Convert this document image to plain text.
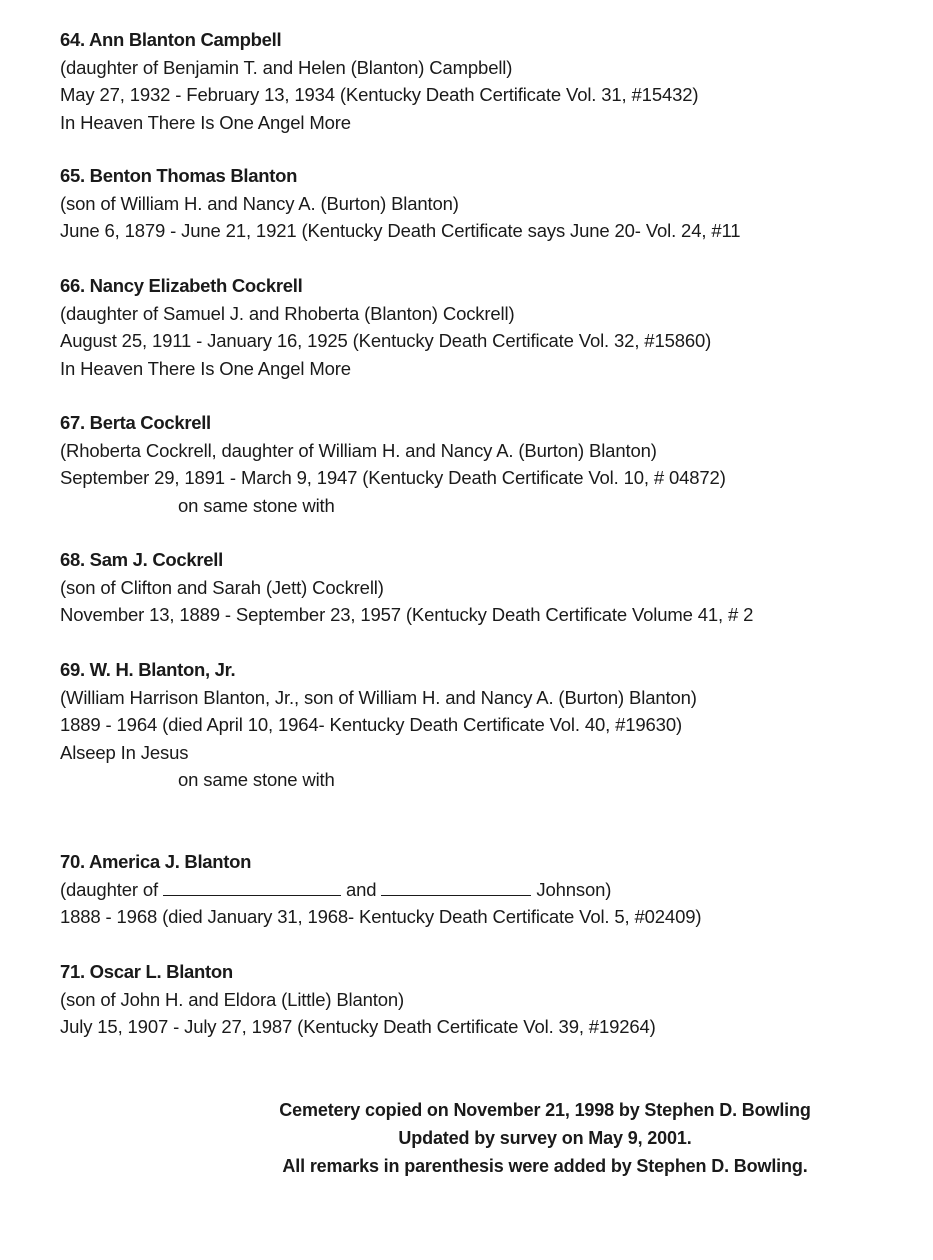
64. Ann Blanton Campbell
(daughter of Benjamin T. and Helen (Blanton) Campbell)
May 27, 1932 - February 13, 1934 (Kentucky Death Certificate Vol. 31, #15432)
In Heaven There Is One Angel More
65. Benton Thomas Blanton
(son of William H. and Nancy A. (Burton) Blanton)
June 6, 1879 - June 21, 1921 (Kentucky Death Certificate says June 20- Vol. 24, #11
66. Nancy Elizabeth Cockrell
(daughter of Samuel J. and Rhoberta (Blanton) Cockrell)
August 25, 1911 - January 16, 1925 (Kentucky Death Certificate Vol. 32, #15860)
In Heaven There Is One Angel More
67. Berta Cockrell
(Rhoberta Cockrell, daughter of William H. and Nancy A. (Burton) Blanton)
September 29, 1891 - March 9, 1947 (Kentucky Death Certificate Vol. 10, # 04872)
on same stone with
68. Sam J. Cockrell
(son of Clifton and Sarah (Jett) Cockrell)
November 13, 1889 - September 23, 1957 (Kentucky Death Certificate Volume 41, # 2
69. W. H. Blanton, Jr.
(William Harrison Blanton, Jr., son of William H. and Nancy A. (Burton) Blanton)
1889 - 1964 (died April 10, 1964- Kentucky Death Certificate Vol. 40, #19630)
Alseep In Jesus
on same stone with
70. America J. Blanton
(daughter of	and	Johnson)
1888 - 1968 (died January 31, 1968- Kentucky Death Certificate Vol. 5, #02409)
71. Oscar L. Blanton
(son of John H. and Eldora (Little) Blanton)
July 15, 1907 - July 27, 1987 (Kentucky Death Certificate Vol. 39, #19264)
Cemetery copied on November 21, 1998 by Stephen D. Bowling
Updated by survey on May 9, 2001.
All remarks in parenthesis were added by Stephen D. Bowling.
